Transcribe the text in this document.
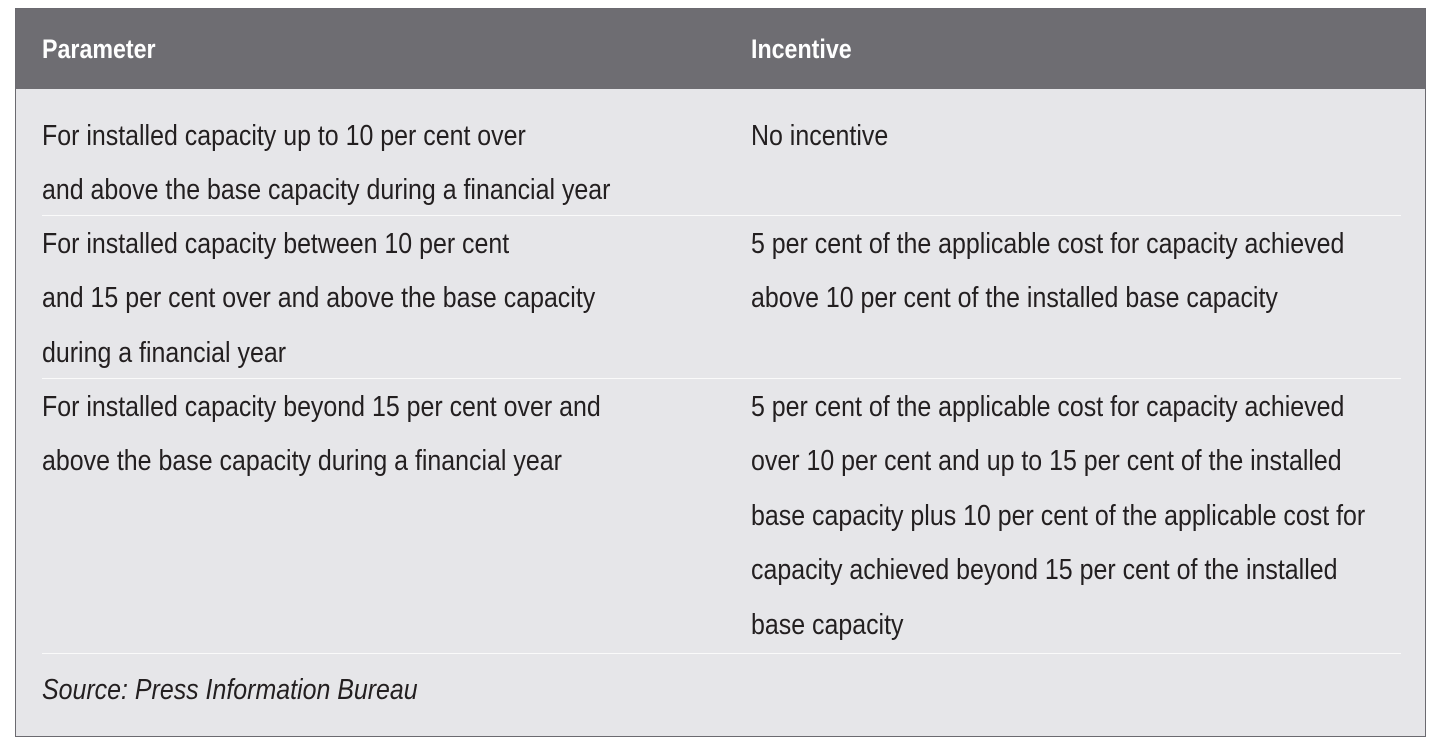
Parameter	Incentive
For installed capacity up to 10 per cent over
and above the base capacity during a financial year
No incentive
For installed capacity between 10 per cent
and 15 per cent over and above the base capacity
during a financial year
5 per cent of the applicable cost for capacity achieved
above 10 per cent of the installed base capacity
For installed capacity beyond 15 per cent over and
above the base capacity during a financial year
5 per cent of the applicable cost for capacity achieved
over 10 per cent and up to 15 per cent of the installed
base capacity plus 10 per cent of the applicable cost for
capacity achieved beyond 15 per cent of the installed
base capacity
Source: Press Information Bureau
